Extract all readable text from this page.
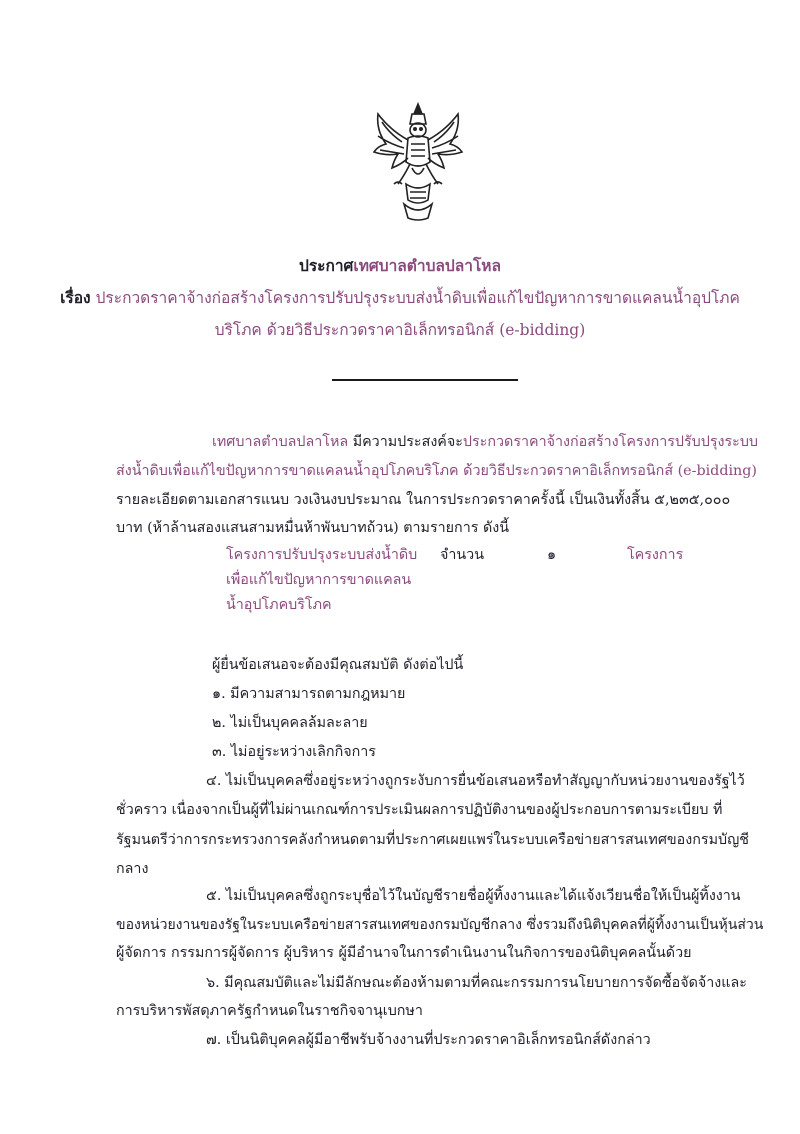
ประกาศเทศบาลตำบลปลาโหล
เรื่อง ประกวดราคาจ้างก่อสร้างโครงการปรับปรุงระบบส่งน้ำดิบเพื่อแก้ไขปัญหาการขาดแคลนน้ำอุปโภค
บริโภค ด้วยวิธีประกวดราคาอิเล็กทรอนิกส์ (e-bidding)
เทศบาลตำบลปลาโหล มีความประสงค์จะประกวดราคาจ้างก่อสร้างโครงการปรับปรุงระบบ
ส่งน้ำดิบเพื่อแก้ไขปัญหาการขาดแคลนน้ำอุปโภคบริโภค ด้วยวิธีประกวดราคาอิเล็กทรอนิกส์ (e-bidding)
รายละเอียดตามเอกสารแนบ วงเงินงบประมาณ ในการประกวดราคาครั้งนี้ เป็นเงินทั้งสิ้น ๕,๒๓๕,๐๐๐
บาท (ห้าล้านสองแสนสามหมื่นห้าพันบาทถ้วน) ตามรายการ ดังนี้
โครงการปรับปรุงระบบส่งน้ำดิบ
เพื่อแก้ไขปัญหาการขาดแคลน
น้ำอุปโภคบริโภค
จำนวน	๑	โครงการ
ผู้ยื่นข้อเสนอจะต้องมีคุณสมบัติ ดังต่อไปนี้
๑. มีความสามารถตามกฎหมาย
๒. ไม่เป็นบุคคลล้มละลาย
๓. ไม่อยู่ระหว่างเลิกกิจการ
๔. ไม่เป็นบุคคลซึ่งอยู่ระหว่างถูกระงับการยื่นข้อเสนอหรือทำสัญญากับหน่วยงานของรัฐไว้
ชั่วคราว เนื่องจากเป็นผู้ที่ไม่ผ่านเกณฑ์การประเมินผลการปฏิบัติงานของผู้ประกอบการตามระเบียบ ที่
รัฐมนตรีว่าการกระทรวงการคลังกำหนดตามที่ประกาศเผยแพร่ในระบบเครือข่ายสารสนเทศของกรมบัญชี
กลาง
๕. ไม่เป็นบุคคลซึ่งถูกระบุชื่อไว้ในบัญชีรายชื่อผู้ทิ้งงานและได้แจ้งเวียนชื่อให้เป็นผู้ทิ้งงาน
ของหน่วยงานของรัฐในระบบเครือข่ายสารสนเทศของกรมบัญชีกลาง ซึ่งรวมถึงนิติบุคคลที่ผู้ทิ้งงานเป็นหุ้นส่วน
ผู้จัดการ กรรมการผู้จัดการ ผู้บริหาร ผู้มีอำนาจในการดำเนินงานในกิจการของนิติบุคคลนั้นด้วย
๖. มีคุณสมบัติและไม่มีลักษณะต้องห้ามตามที่คณะกรรมการนโยบายการจัดซื้อจัดจ้างและ
การบริหารพัสดุภาครัฐกำหนดในราชกิจจานุเบกษา
๗. เป็นนิติบุคคลผู้มีอาชีพรับจ้างงานที่ประกวดราคาอิเล็กทรอนิกส์ดังกล่าว
